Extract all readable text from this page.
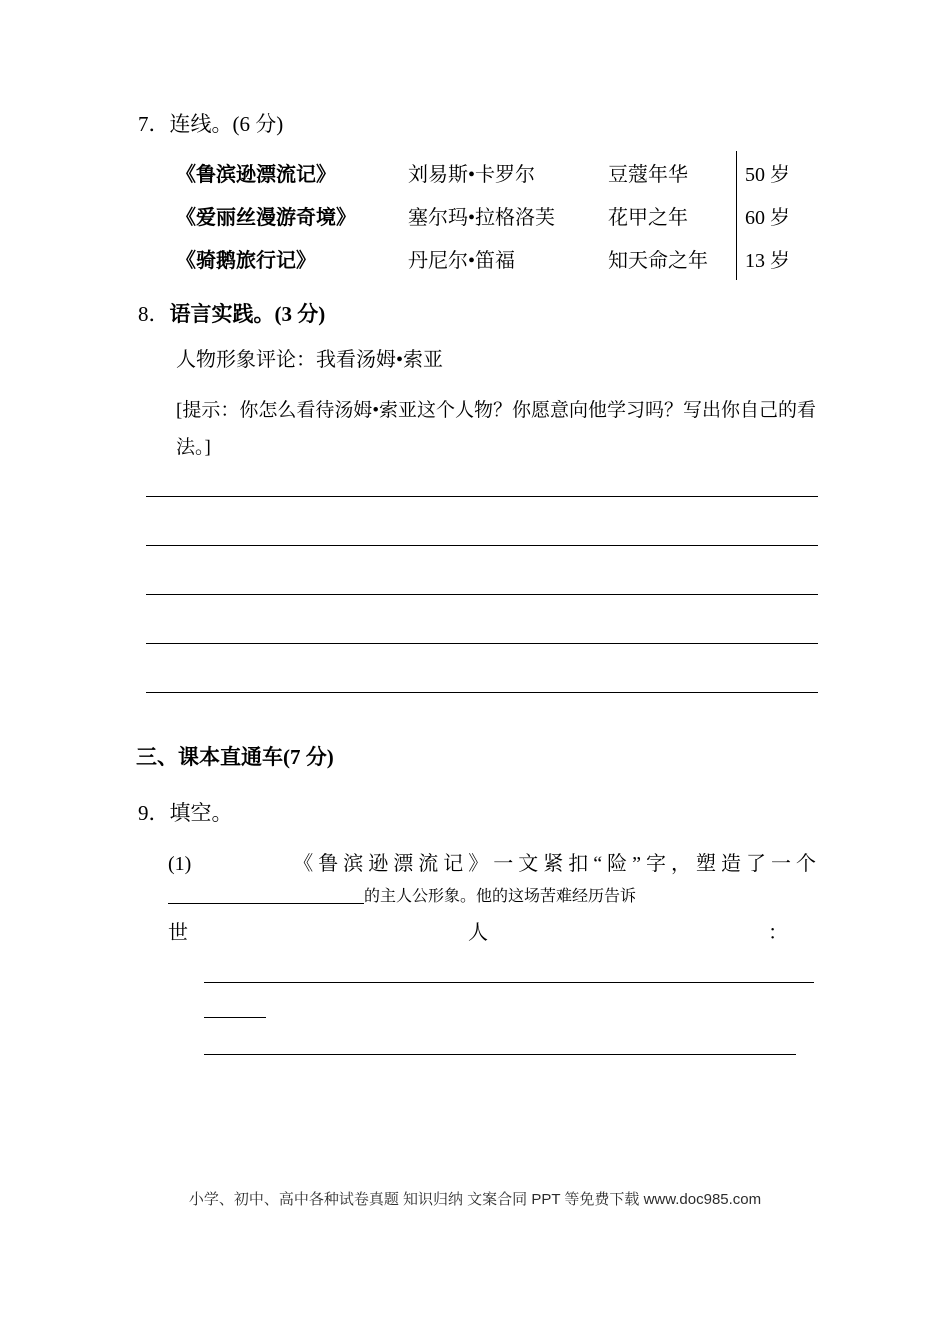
7．连线。(6 分)
《鲁滨逊漂流记》	刘易斯•卡罗尔	豆蔻年华	50 岁
《爱丽丝漫游奇境》	塞尔玛•拉格洛芙	花甲之年	60 岁
《骑鹅旅行记》	丹尼尔•笛福	知天命之年	13 岁
8．语言实践。(3 分)
人物形象评论：我看汤姆•索亚
[提示：你怎么看待汤姆•索亚这个人物？你愿意向他学习吗？写出你自己的看法。]
三、课本直通车(7 分)
9．填空。
(1)	《 鲁 滨 逊 漂 流 记 》 一 文 紧 扣 “ 险 ” 字 ， 塑 造 了 一 个
的主人公形象。他的这场苦难经历告诉
世	人	：
小学、初中、高中各种试卷真题 知识归纳 文案合同 PPT 等免费下载 www.doc985.com
